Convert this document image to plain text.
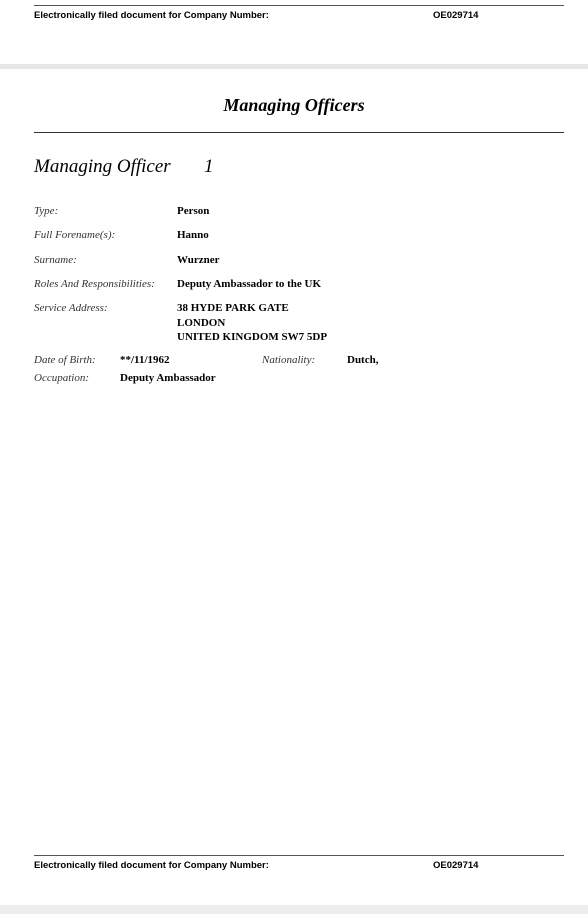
Electronically filed document for Company Number:	OE029714
Managing Officers
Managing Officer 1
Type:	Person
Full Forename(s):	Hanno
Surname:	Wurzner
Roles And Responsibilities: Deputy Ambassador to the UK
Service Address:	38 HYDE PARK GATE
LONDON
UNITED KINGDOM SW7 5DP
Date of Birth: **/11/1962	Nationality:	Dutch,
Occupation:	Deputy Ambassador
Electronically filed document for Company Number:	OE029714
